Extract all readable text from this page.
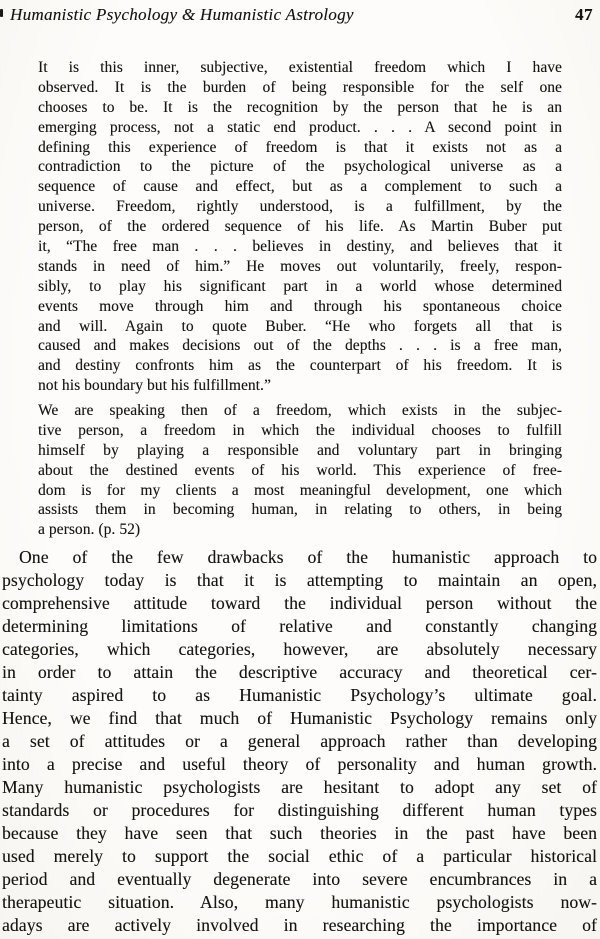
Humanistic Psychology & Humanistic Astrology	47
It is this inner, subjective, existential freedom which I have
observed. It is the burden of being responsible for the self one
chooses to be. It is the recognition by the person that he is an
emerging process, not a static end product. . . . A second point in
defining this experience of freedom is that it exists not as a
contradiction to the picture of the psychological universe as a
sequence of cause and effect, but as a complement to such a
universe. Freedom, rightly understood, is a fulfillment, by the
person, of the ordered sequence of his life. As Martin Buber put
it, “The free man . . . believes in destiny, and believes that it
stands in need of him.” He moves out voluntarily, freely, respon-
sibly, to play his significant part in a world whose determined
events move through him and through his spontaneous choice
and will. Again to quote Buber. “He who forgets all that is
caused and makes decisions out of the depths . . . is a free man,
and destiny confronts him as the counterpart of his freedom. It is
not his boundary but his fulfillment.”
We are speaking then of a freedom, which exists in the subjec-
tive person, a freedom in which the individual chooses to fulfill
himself by playing a responsible and voluntary part in bringing
about the destined events of his world. This experience of free-
dom is for my clients a most meaningful development, one which
assists them in becoming human, in relating to others, in being
a person. (p. 52)
One of the few drawbacks of the humanistic approach to
psychology today is that it is attempting to maintain an open,
comprehensive attitude toward the individual person without the
determining limitations of relative and constantly changing
categories, which categories, however, are absolutely necessary
in order to attain the descriptive accuracy and theoretical cer-
tainty aspired to as Humanistic Psychology’s ultimate goal.
Hence, we find that much of Humanistic Psychology remains only
a set of attitudes or a general approach rather than developing
into a precise and useful theory of personality and human growth.
Many humanistic psychologists are hesitant to adopt any set of
standards or procedures for distinguishing different human types
because they have seen that such theories in the past have been
used merely to support the social ethic of a particular historical
period and eventually degenerate into severe encumbrances in a
therapeutic situation. Also, many humanistic psychologists now-
adays are actively involved in researching the importance of
